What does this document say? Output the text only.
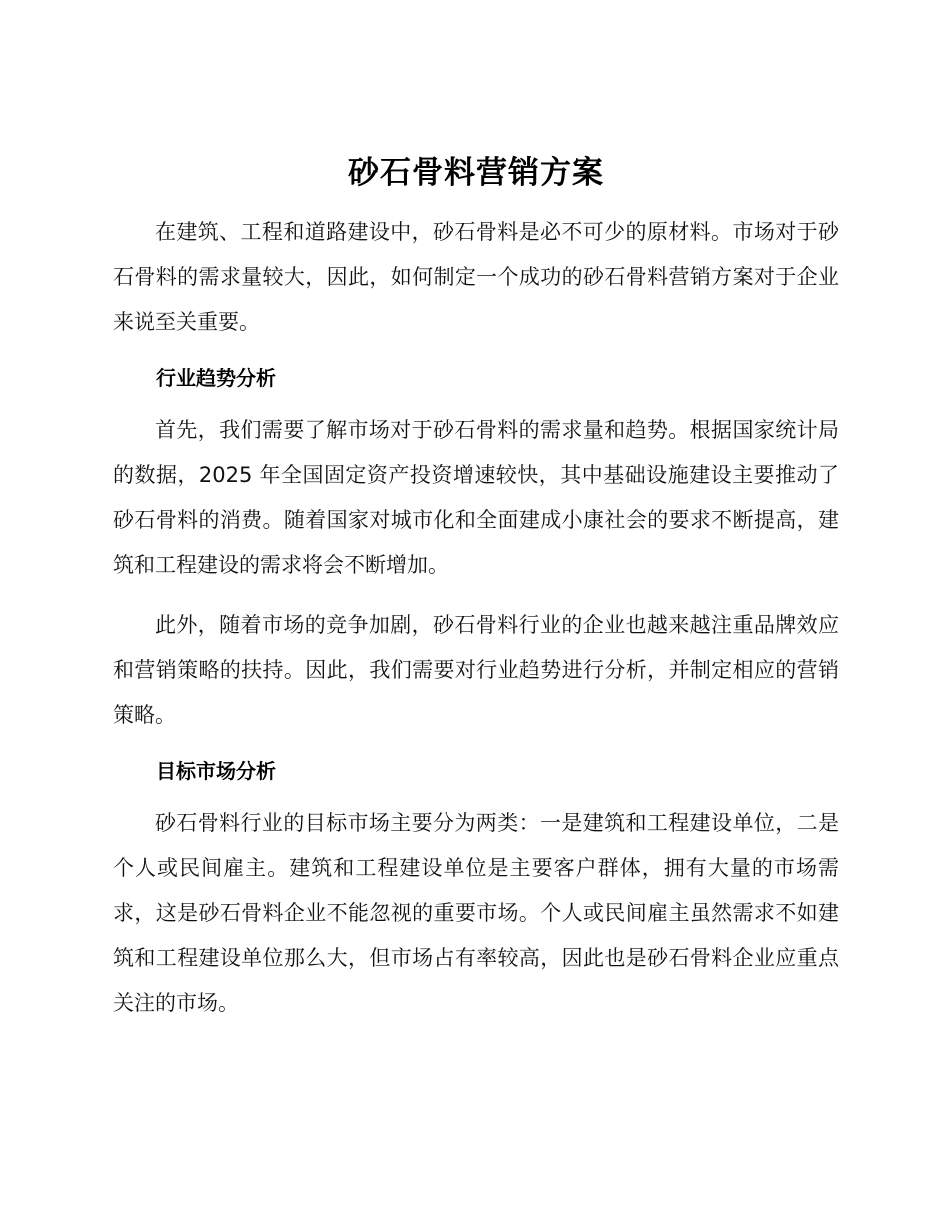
砂石骨料营销方案

在建筑、工程和道路建设中，砂石骨料是必不可少的原材料。市场对于砂石骨料的需求量较大，因此，如何制定一个成功的砂石骨料营销方案对于企业来说至关重要。

行业趋势分析

首先，我们需要了解市场对于砂石骨料的需求量和趋势。根据国家统计局的数据，2025 年全国固定资产投资增速较快，其中基础设施建设主要推动了砂石骨料的消费。随着国家对城市化和全面建成小康社会的要求不断提高，建筑和工程建设的需求将会不断增加。

此外，随着市场的竞争加剧，砂石骨料行业的企业也越来越注重品牌效应和营销策略的扶持。因此，我们需要对行业趋势进行分析，并制定相应的营销策略。

目标市场分析

砂石骨料行业的目标市场主要分为两类：一是建筑和工程建设单位，二是个人或民间雇主。建筑和工程建设单位是主要客户群体，拥有大量的市场需求，这是砂石骨料企业不能忽视的重要市场。个人或民间雇主虽然需求不如建筑和工程建设单位那么大，但市场占有率较高，因此也是砂石骨料企业应重点关注的市场。
